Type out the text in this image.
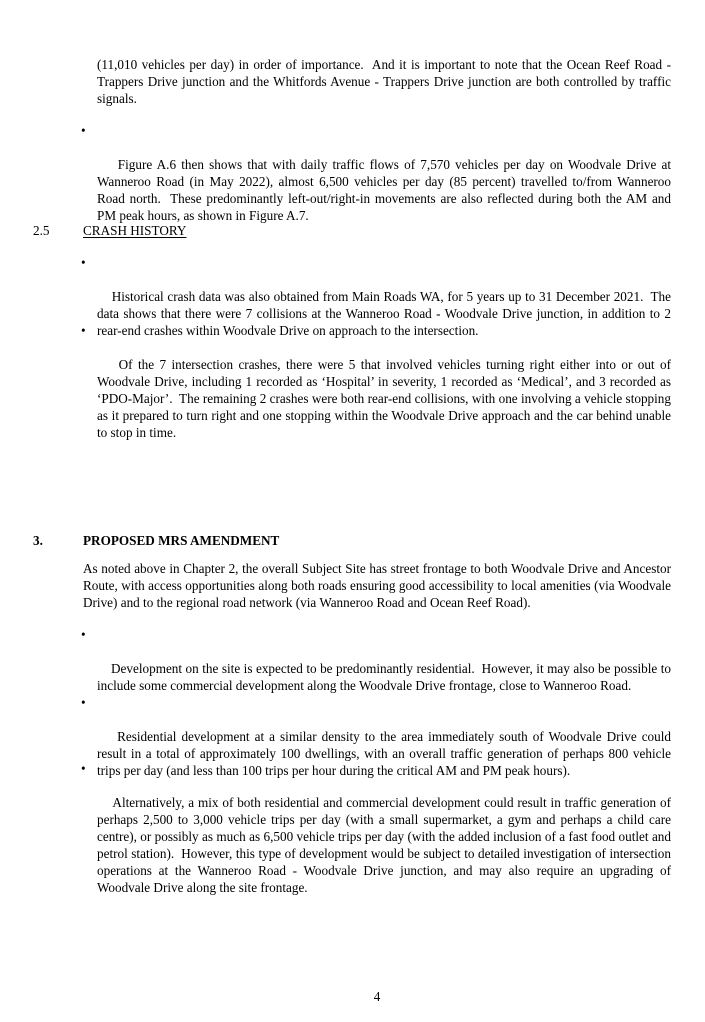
(11,010 vehicles per day) in order of importance.  And it is important to note that the Ocean Reef Road - Trappers Drive junction and the Whitfords Avenue - Trappers Drive junction are both controlled by traffic signals.

•

Figure A.6 then shows that with daily traffic flows of 7,570 vehicles per day on Woodvale Drive at Wanneroo Road (in May 2022), almost 6,500 vehicles per day (85 percent) travelled to/from Wanneroo Road north.  These predominantly left-out/right-in movements are also reflected during both the AM and PM peak hours, as shown in Figure A.7.

2.5	CRASH HISTORY

•

Historical crash data was also obtained from Main Roads WA, for 5 years up to 31 December 2021.  The data shows that there were 7 collisions at the Wanneroo Road - Woodvale Drive junction, in addition to 2 rear-end crashes within Woodvale Drive on approach to the intersection.

•

Of the 7 intersection crashes, there were 5 that involved vehicles turning right either into or out of Woodvale Drive, including 1 recorded as ‘Hospital’ in severity, 1 recorded as ‘Medical’, and 3 recorded as ‘PDO-Major’.  The remaining 2 crashes were both rear-end collisions, with one involving a vehicle stopping as it prepared to turn right and one stopping within the Woodvale Drive approach and the car behind unable to stop in time.

3.	PROPOSED MRS AMENDMENT

As noted above in Chapter 2, the overall Subject Site has street frontage to both Woodvale Drive and Ancestor Route, with access opportunities along both roads ensuring good accessibility to local amenities (via Woodvale Drive) and to the regional road network (via Wanneroo Road and Ocean Reef Road).

•

Development on the site is expected to be predominantly residential.  However, it may also be possible to include some commercial development along the Woodvale Drive frontage, close to Wanneroo Road.

•

Residential development at a similar density to the area immediately south of Woodvale Drive could result in a total of approximately 100 dwellings, with an overall traffic generation of perhaps 800 vehicle trips per day (and less than 100 trips per hour during the critical AM and PM peak hours).

•

Alternatively, a mix of both residential and commercial development could result in traffic generation of perhaps 2,500 to 3,000 vehicle trips per day (with a small supermarket, a gym and perhaps a child care centre), or possibly as much as 6,500 vehicle trips per day (with the added inclusion of a fast food outlet and petrol station).  However, this type of development would be subject to detailed investigation of intersection operations at the Wanneroo Road - Woodvale Drive junction, and may also require an upgrading of Woodvale Drive along the site frontage.

4
